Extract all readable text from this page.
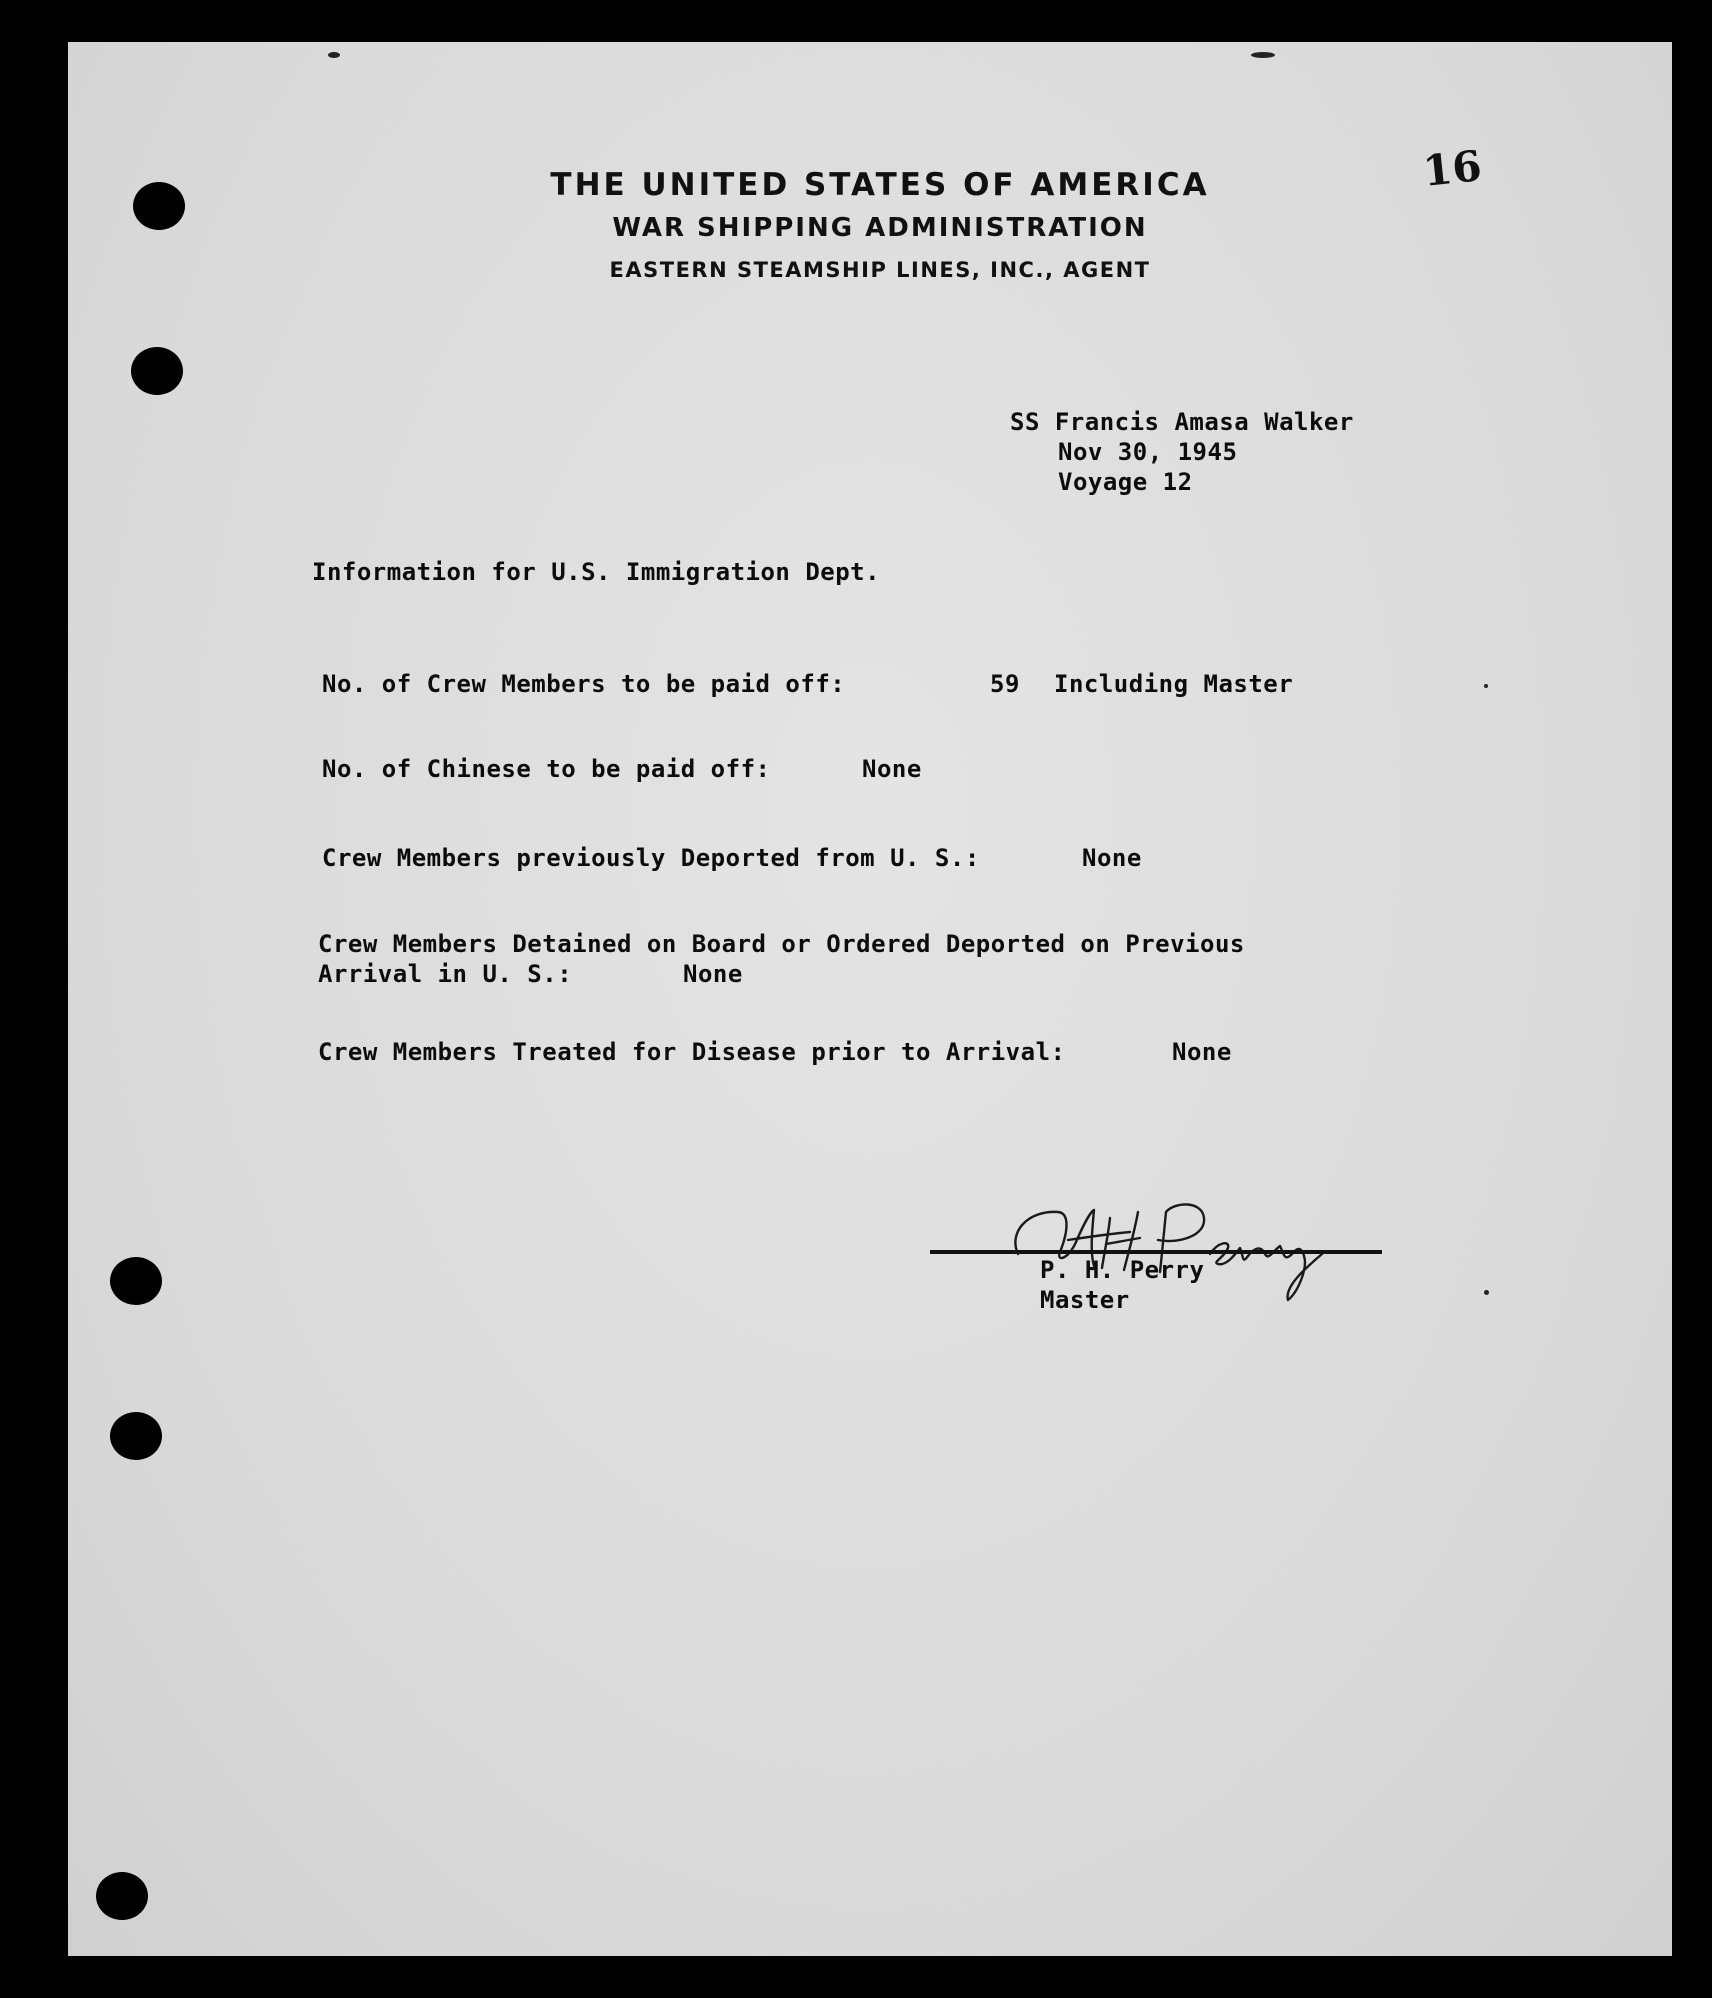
THE UNITED STATES OF AMERICA
WAR SHIPPING ADMINISTRATION
EASTERN STEAMSHIP LINES, INC., AGENT
16
SS Francis Amasa Walker
Nov 30, 1945
Voyage 12
Information for U.S. Immigration Dept.
No. of Crew Members to be paid off:	59 Including Master
No. of Chinese to be paid off:	None
Crew Members previously Deported from U. S.:	None
Crew Members Detained on Board or Ordered Deported on Previous
Arrival in U. S.:	None
Crew Members Treated for Disease prior to Arrival:	None
P. H. Perry
Master
